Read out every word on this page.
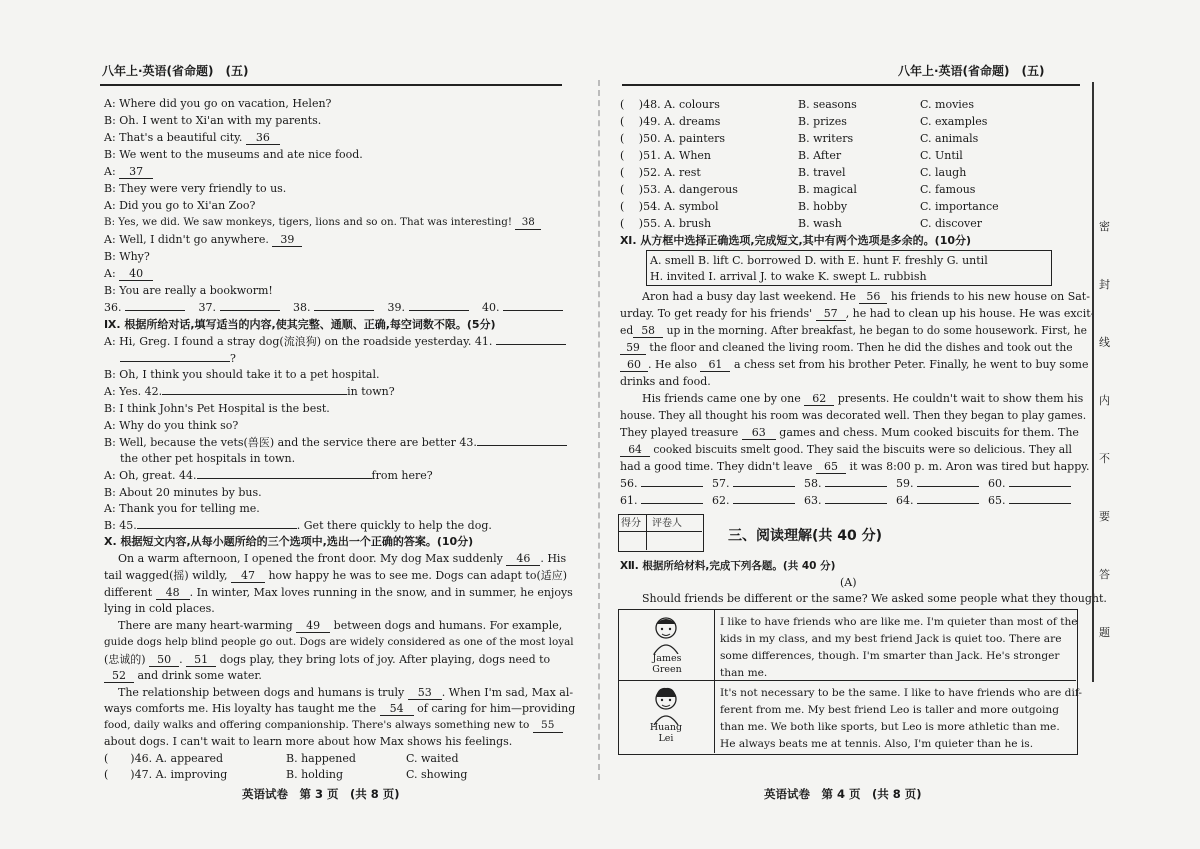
八年上·英语(省命题)　(五)
A: Where did you go on vacation, Helen?
B: Oh. I went to Xi'an with my parents.
A: That's a beautiful city. 36
B: We went to the museums and ate nice food.
A: 37
B: They were very friendly to us.
A: Did you go to Xi'an Zoo?
B: Yes, we did. We saw monkeys, tigers, lions and so on. That was interesting! 38
A: Well, I didn't go anywhere. 39
B: Why?
A: 40
B: You are really a bookworm!
36.	37.	38.	39.	40.
Ⅸ. 根据所给对话,填写适当的内容,使其完整、通顺、正确,每空词数不限。(5分)
A: Hi, Greg. I found a stray dog(流浪狗) on the roadside yesterday. 41.
?
B: Oh, I think you should take it to a pet hospital.
A: Yes. 42.	in town?
B: I think John's Pet Hospital is the best.
A: Why do you think so?
B: Well, because the vets(兽医) and the service there are better 43.
the other pet hospitals in town.
A: Oh, great. 44.	from here?
B: About 20 minutes by bus.
A: Thank you for telling me.
B: 45.	. Get there quickly to help the dog.
Ⅹ. 根据短文内容,从每小题所给的三个选项中,选出一个正确的答案。(10分)
On a warm afternoon, I opened the front door. My dog Max suddenly 46 . His
tail wagged(摇) wildly, 47 how happy he was to see me. Dogs can adapt to(适应)
different 48 . In winter, Max loves running in the snow, and in summer, he enjoys
lying in cold places.
There are many heart-warming 49 between dogs and humans. For example,
guide dogs help blind people go out. Dogs are widely considered as one of the most loyal
(忠诚的) 50 . 51 dogs play, they bring lots of joy. After playing, dogs need to
52 and drink some water.
The relationship between dogs and humans is truly 53 . When I'm sad, Max al-
ways comforts me. His loyalty has taught me the 54 of caring for him—providing
food, daily walks and offering companionship. There's always something new to 55
about dogs. I can't wait to learn more about how Max shows his feelings.
(　　)46. A. appeared	B. happened	C. waited
(　　)47. A. improving	B. holding	C. showing
英语试卷　第 3 页　(共 8 页)
八年上·英语(省命题)　(五)
(　 )48. A. colours	B. seasons	C. movies
(　 )49. A. dreams	B. prizes	C. examples
(　 )50. A. painters	B. writers	C. animals
(　 )51. A. When	B. After	C. Until
(　 )52. A. rest	B. travel	C. laugh
(　 )53. A. dangerous	B. magical	C. famous
(　 )54. A. symbol	B. hobby	C. importance
(　 )55. A. brush	B. wash	C. discover
Ⅺ. 从方框中选择正确选项,完成短文,其中有两个选项是多余的。(10分)
A. smell B. lift C. borrowed D. with E. hunt F. freshly G. until
H. invited I. arrival J. to wake K. swept L. rubbish
Aron had a busy day last weekend. He 56 his friends to his new house on Sat-
urday. To get ready for his friends' 57 , he had to clean up his house. He was excit-
ed 58 up in the morning. After breakfast, he began to do some housework. First, he
59 the floor and cleaned the living room. Then he did the dishes and took out the
60 . He also 61 a chess set from his brother Peter. Finally, he went to buy some
drinks and food.
His friends came one by one 62 presents. He couldn't wait to show them his
house. They all thought his room was decorated well. Then they began to play games.
They played treasure 63 games and chess. Mum cooked biscuits for them. The
64 cooked biscuits smelt good. They said the biscuits were so delicious. They all
had a good time. They didn't leave 65 it was 8:00 p. m. Aron was tired but happy.
56.	57.	58.	59.	60.
61.	62.	63.	64.	65.
得分 评卷人
三、阅读理解(共 40 分)
Ⅻ. 根据所给材料,完成下列各题。(共 40 分)
(A)
Should friends be different or the same? We asked some people what they thought.
James
Green
Huang
Lei
I like to have friends who are like me. I'm quieter than most of the
kids in my class, and my best friend Jack is quiet too. There are
some differences, though. I'm smarter than Jack. He's stronger
than me.
It's not necessary to be the same. I like to have friends who are dif-
ferent from me. My best friend Leo is taller and more outgoing
than me. We both like sports, but Leo is more athletic than me.
He always beats me at tennis. Also, I'm quieter than he is.
英语试卷　第 4 页　(共 8 页)
密
封
线
内
不
要
答
题
